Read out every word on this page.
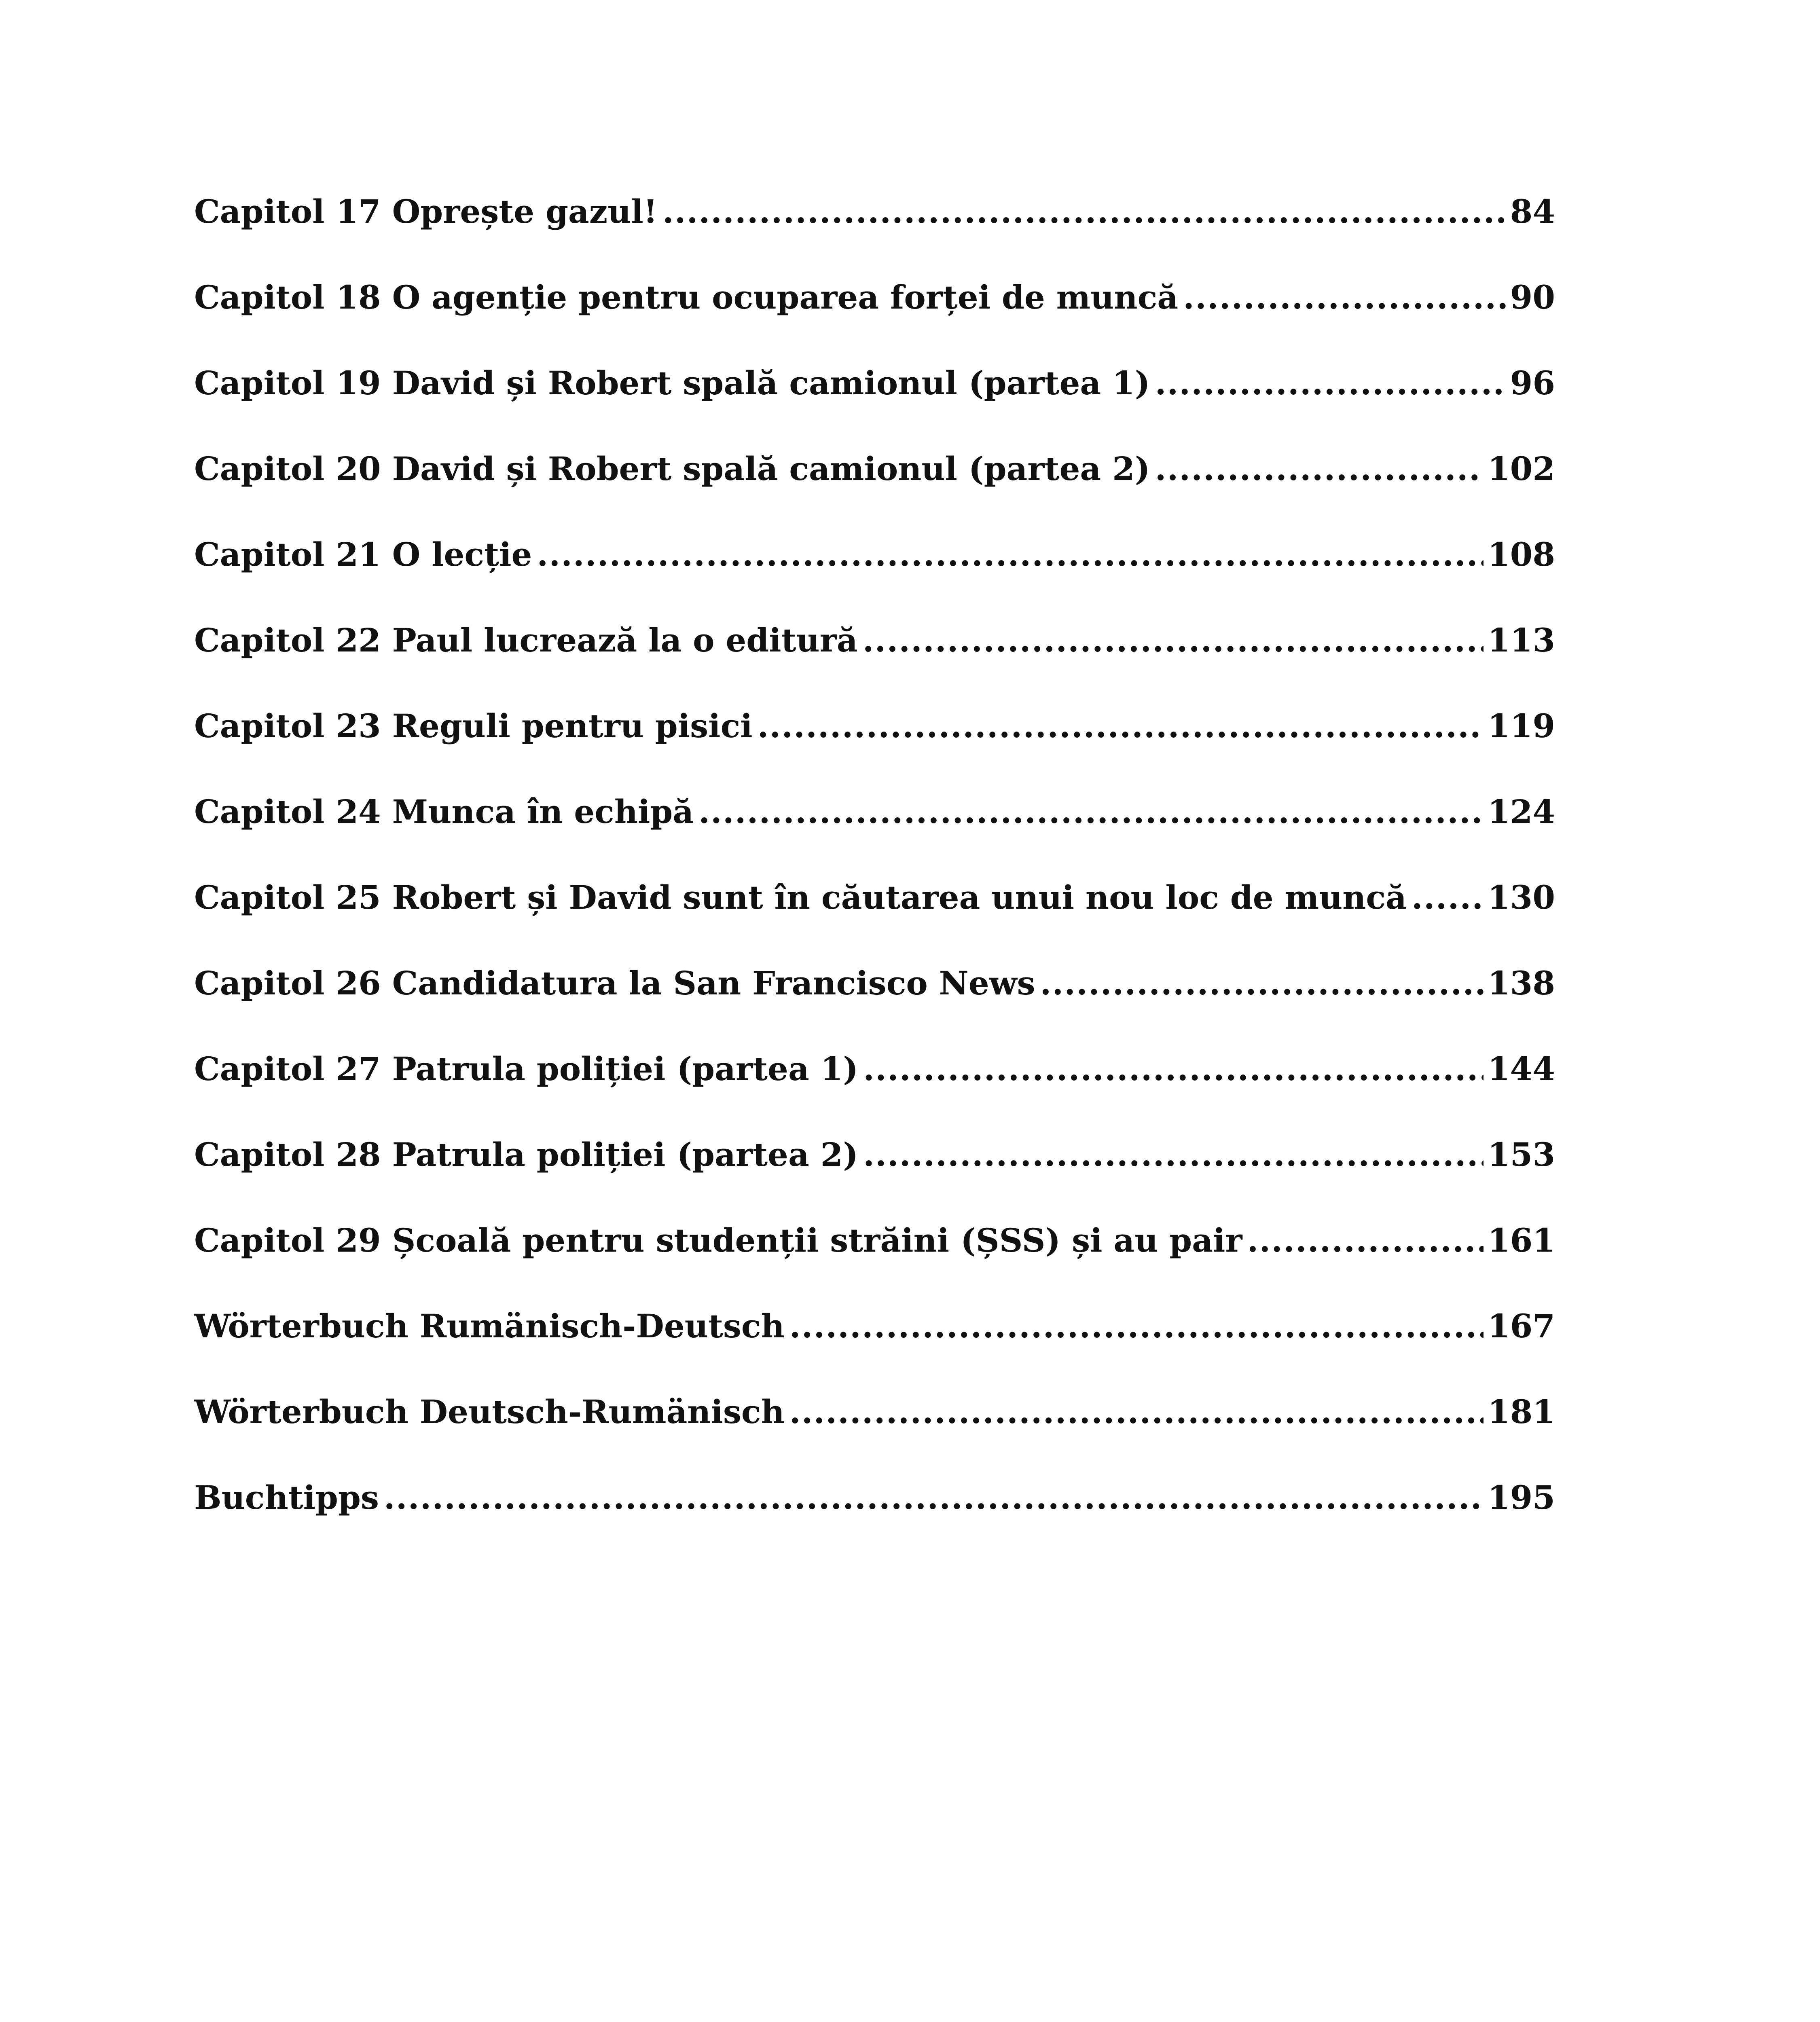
Capitol 17 Oprește gazul! .....	84
Capitol 18 O agenție pentru ocuparea forței de muncă .....	90
Capitol 19 David și Robert spală camionul (partea 1) .....	96
Capitol 20 David și Robert spală camionul (partea 2) .....	102
Capitol 21 O lecție .....	108
Capitol 22 Paul lucrează la o editură .....	113
Capitol 23 Reguli pentru pisici .....	119
Capitol 24 Munca în echipă .....	124
Capitol 25 Robert și David sunt în căutarea unui nou loc de muncă .....	130
Capitol 26 Candidatura la San Francisco News .....	138
Capitol 27 Patrula poliției (partea 1) .....	144
Capitol 28 Patrula poliției (partea 2) .....	153
Capitol 29 Școală pentru studenții străini (ȘSS) și au pair .....	161
Wörterbuch Rumänisch-Deutsch .....	167
Wörterbuch Deutsch-Rumänisch .....	181
Buchtipps .....	195
